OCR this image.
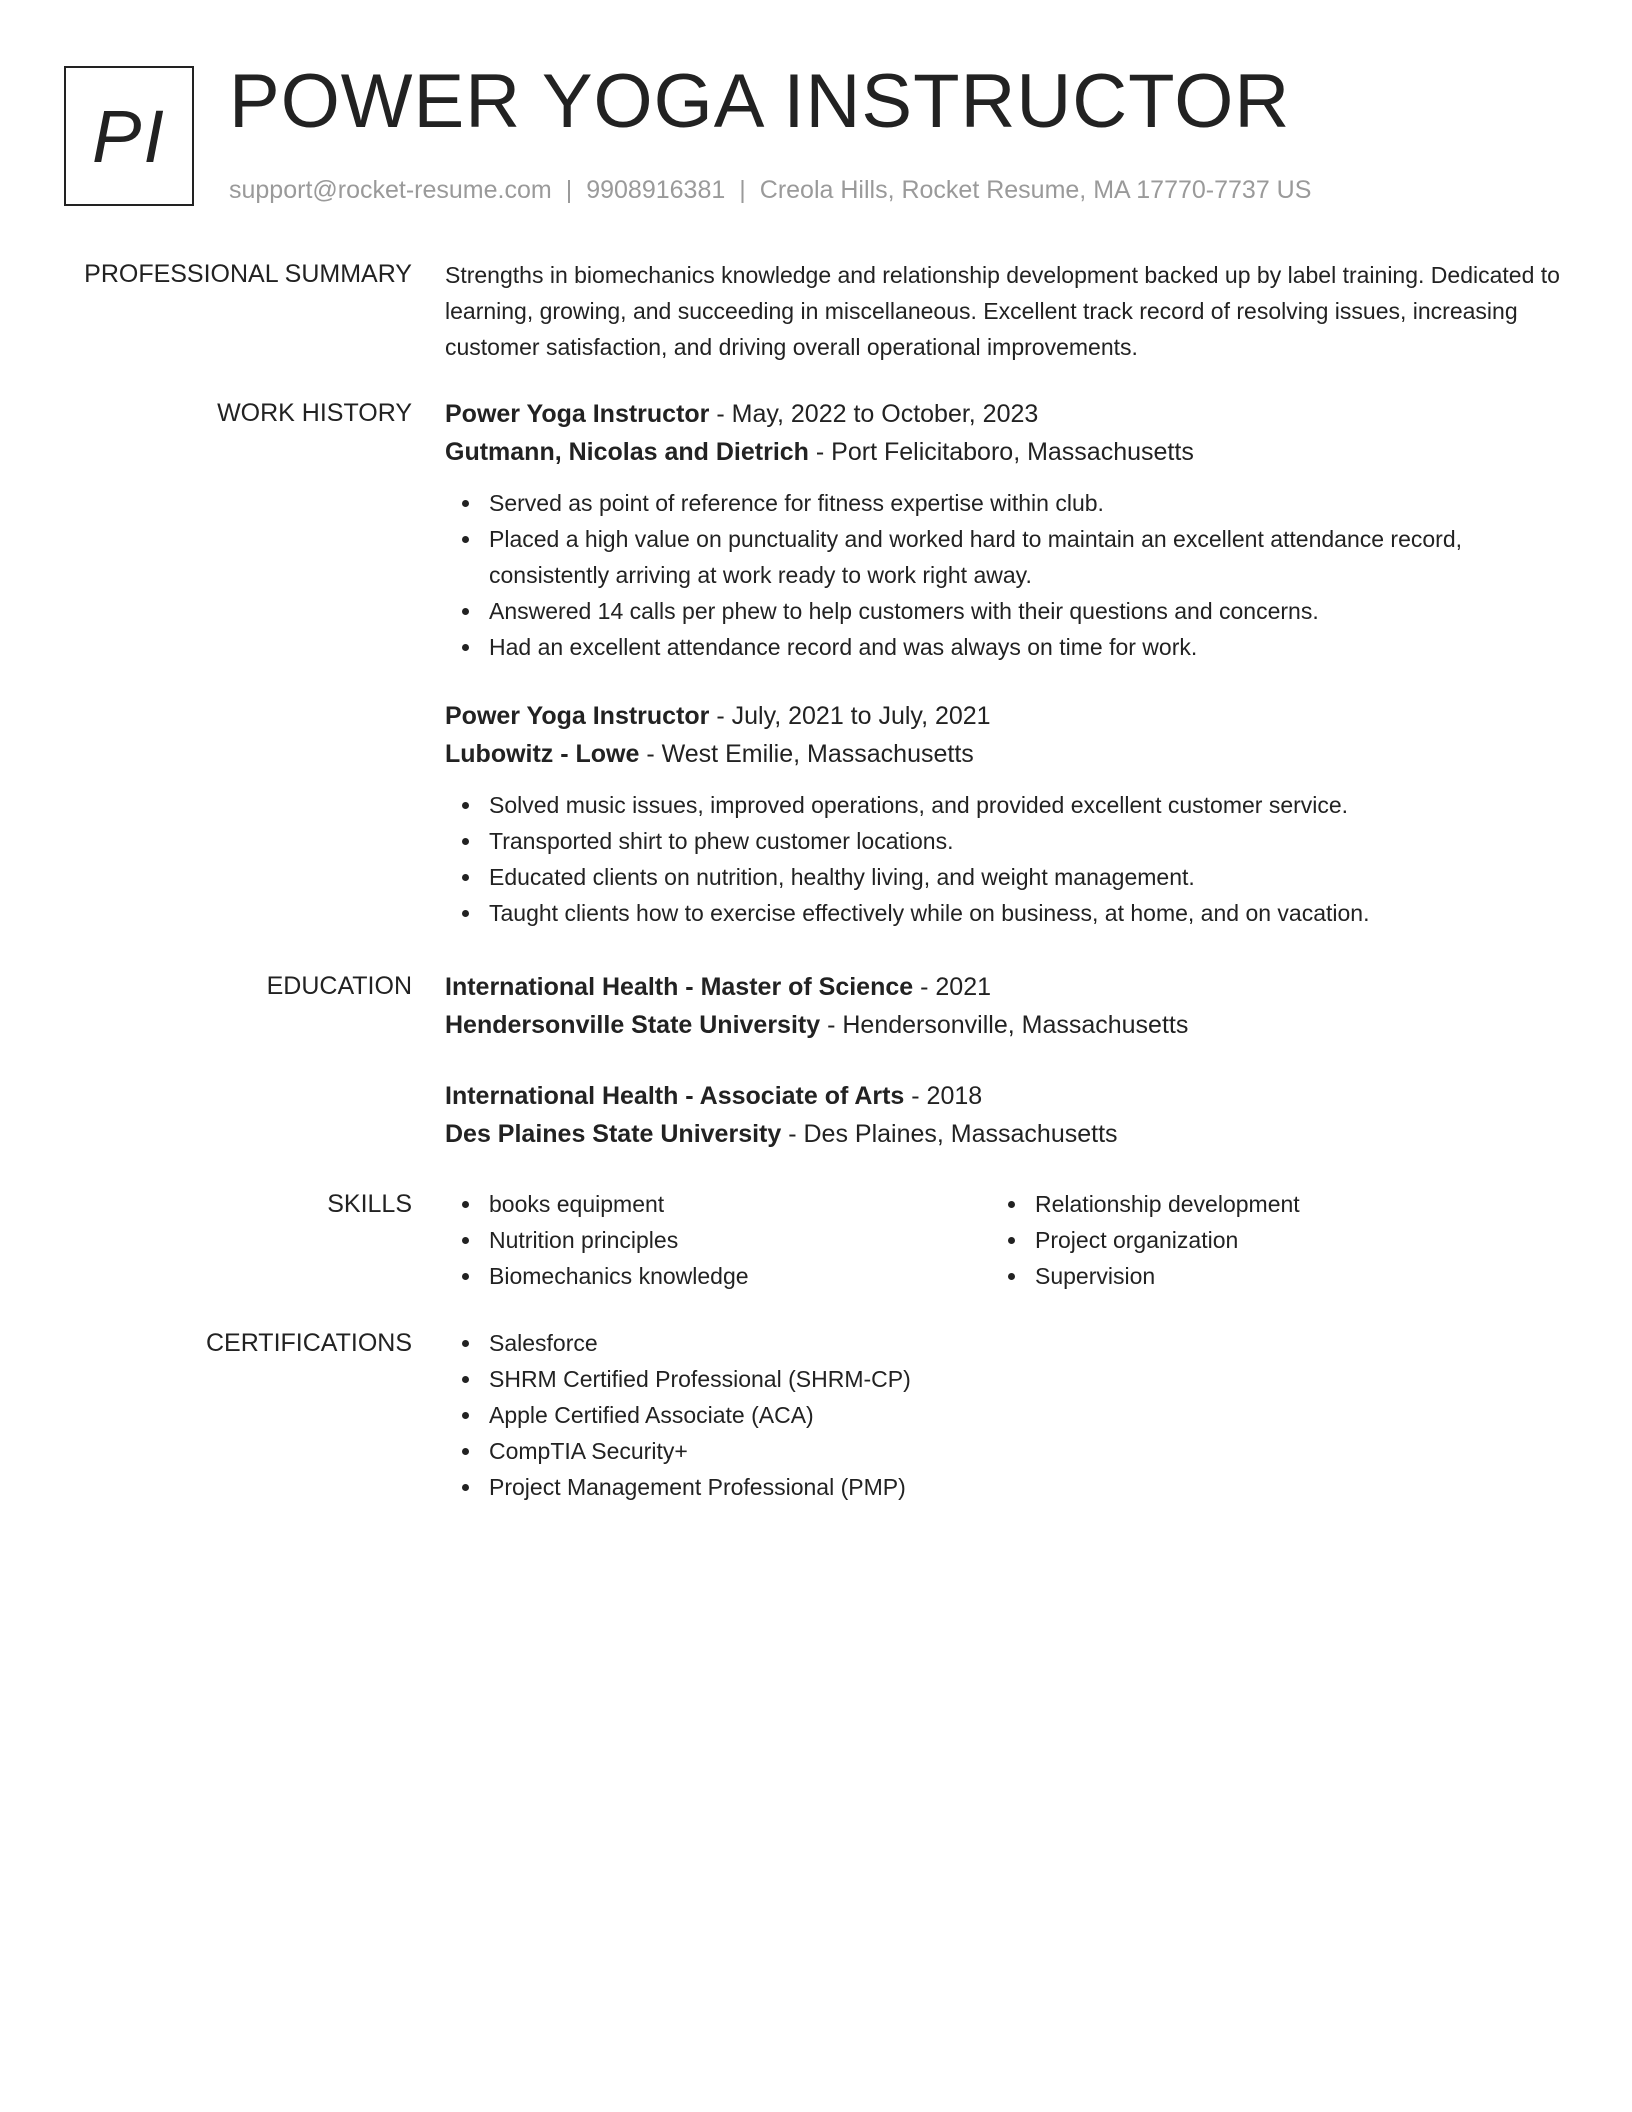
PI POWER YOGA INSTRUCTOR
support@rocket-resume.com | 9908916381 | Creola Hills, Rocket Resume, MA 17770-7737 US
PROFESSIONAL SUMMARY Strengths in biomechanics knowledge and relationship development backed up by label training. Dedicated to learning, growing, and succeeding in miscellaneous. Excellent track record of resolving issues, increasing customer satisfaction, and driving overall operational improvements.

WORK HISTORY Power Yoga Instructor - May, 2022 to October, 2023
Gutmann, Nicolas and Dietrich - Port Felicitaboro, Massachusetts
Served as point of reference for fitness expertise within club.
Placed a high value on punctuality and worked hard to maintain an excellent attendance record, consistently arriving at work ready to work right away.
Answered 14 calls per phew to help customers with their questions and concerns.
Had an excellent attendance record and was always on time for work.
Power Yoga Instructor - July, 2021 to July, 2021
Lubowitz - Lowe - West Emilie, Massachusetts
Solved music issues, improved operations, and provided excellent customer service.
Transported shirt to phew customer locations.
Educated clients on nutrition, healthy living, and weight management.
Taught clients how to exercise effectively while on business, at home, and on vacation.
EDUCATION International Health - Master of Science - 2021
Hendersonville State University - Hendersonville, Massachusetts
International Health - Associate of Arts - 2018
Des Plaines State University - Des Plaines, Massachusetts
SKILLS	books equipment
Nutrition principles
Biomechanics knowledge
Relationship development
Project organization
Supervision
CERTIFICATIONS	Salesforce
SHRM Certified Professional (SHRM-CP)
Apple Certified Associate (ACA)
CompTIA Security+
Project Management Professional (PMP)
